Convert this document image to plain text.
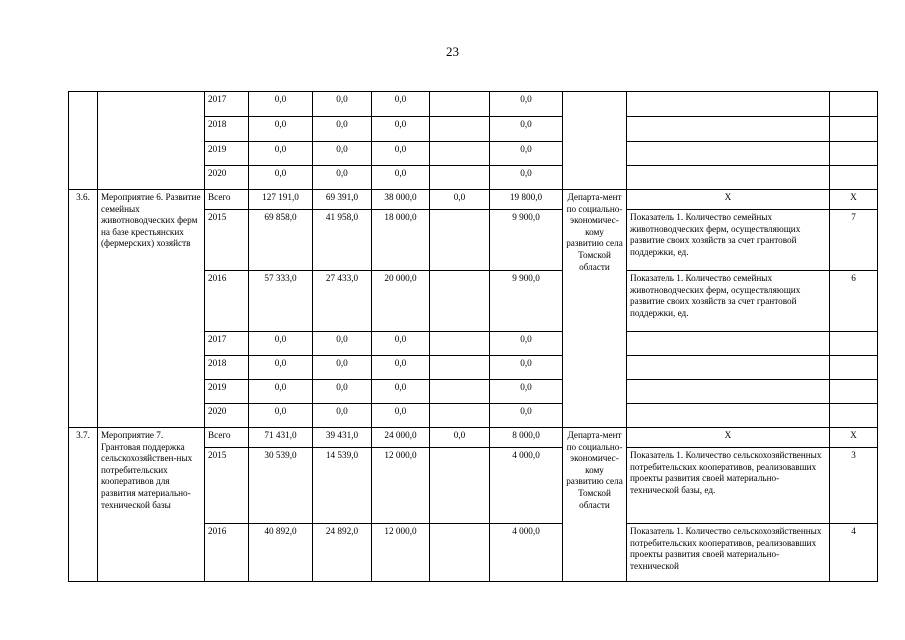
23
		2017	0,0	0,0	0,0		0,0			
		2018	0,0	0,0	0,0		0,0			
		2019	0,0	0,0	0,0		0,0			
		2020	0,0	0,0	0,0		0,0			
3.6.	Мероприятие 6. Развитие семейных животноводческих ферм на базе крестьянских (фермерских) хозяйств	Всего	127 191,0	69 391,0	38 000,0	0,0	19 800,0	Департа-мент по социально-экономичес-кому развитию села Томской области	Х	Х
		2015	69 858,0	41 958,0	18 000,0		9 900,0		Показатель 1. Количество семейных животноводческих ферм, осуществляющих развитие своих хозяйств за счет грантовой поддержки, ед.	7
		2016	57 333,0	27 433,0	20 000,0		9 900,0		Показатель 1. Количество семейных животноводческих ферм, осуществляющих развитие своих хозяйств за счет грантовой поддержки, ед.	6
		2017	0,0	0,0	0,0		0,0			
		2018	0,0	0,0	0,0		0,0			
		2019	0,0	0,0	0,0		0,0			
		2020	0,0	0,0	0,0		0,0			
3.7.	Мероприятие 7. Грантовая поддержка сельскохозяйствен-ных потребительских кооперативов для развития материально-технической базы	Всего	71 431,0	39 431,0	24 000,0	0,0	8 000,0	Департа-мент по социально-экономичес-кому развитию села Томской области	Х	Х
		2015	30 539,0	14 539,0	12 000,0		4 000,0		Показатель 1. Количество сельскохозяйственных потребительских кооперативов, реализовавших проекты развития своей материально-технической базы, ед.	3
		2016	40 892,0	24 892,0	12 000,0		4 000,0		Показатель 1. Количество сельскохозяйственных потребительских кооперативов, реализовавших проекты развития своей материально-технической	4
